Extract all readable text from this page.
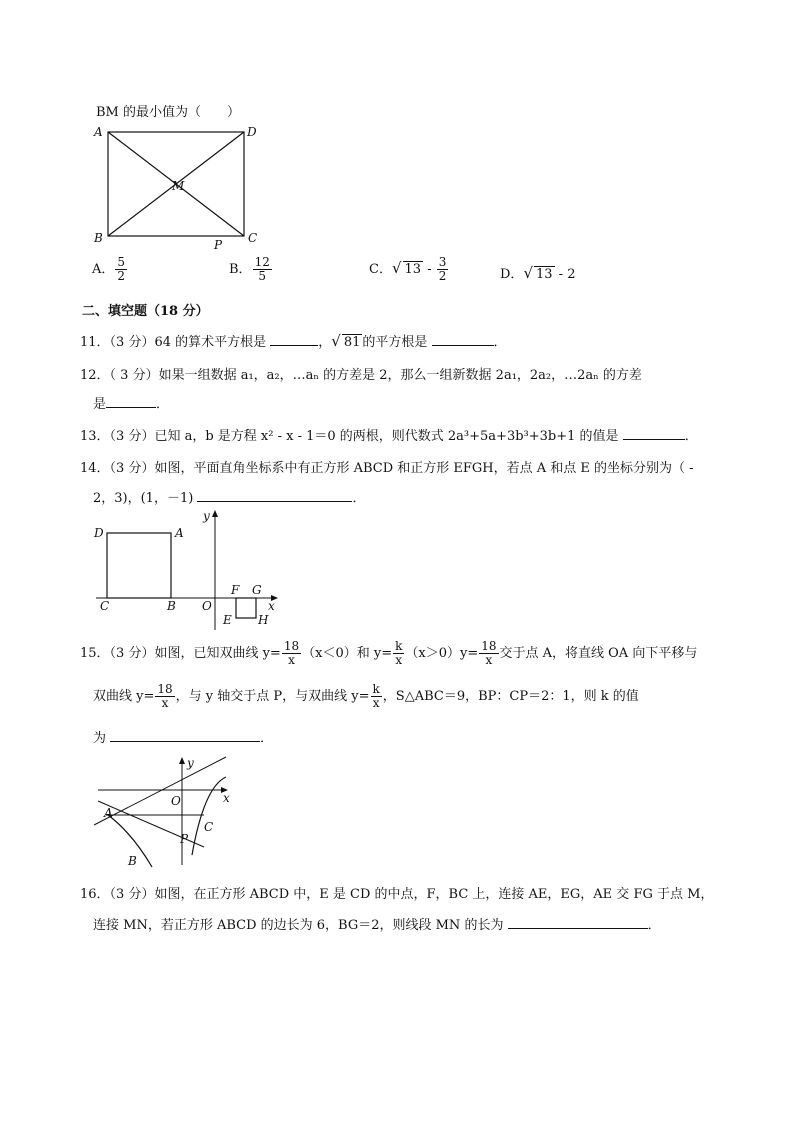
BM 的最小值为（　　）
A	D
B	C
M
P
A． $\frac{5}{2}$	B． $\frac{12}{5}$	C．√ $13 - \frac{3}{2}$	D．√ 13 - 2
二、填空题（18 分）
11．（3 分）64 的算术平方根是	，√ 81 的平方根是	．
12．（ 3 分）如果一组数据 a₁，a₂，…aₙ 的方差是 2，那么一组新数据 2a₁，2a₂，…2aₙ 的方差
是	．
13．（3 分）已知 a，b 是方程 x² - x - 1＝0 的两根，则代数式 2a³+5a+3b³+3b+1 的值是	．
14．（3 分）如图，平面直角坐标系中有正方形 ABCD 和正方形 EFGH，若点 A 和点 E 的坐标分别为（ -
2，3)，(1，－1)	．
D	A
C	B O	x
y
F G
E H
15．（3 分）如图，已知双曲线 $y= \frac{18}{x} (x<0)$和 $y= \frac{k}{x} (x>0)y= \frac{18}{x}$ 交于点 A，将直线 OA 向下平移与
双曲线 $y= \frac{18}{x}$ ，与 y 轴交于点 P，与双曲线 $y= \frac{k}{x}$ ，S△ABC＝9，BP：CP＝2：1，则 k 的值
为	．
y
x
O
A
B
P
C
16．（3 分）如图，在正方形 ABCD 中，E 是 CD 的中点，F，BC 上，连接 AE，EG，AE 交 FG 于点 M，
连接 MN，若正方形 ABCD 的边长为 6，BG＝2，则线段 MN 的长为	．
